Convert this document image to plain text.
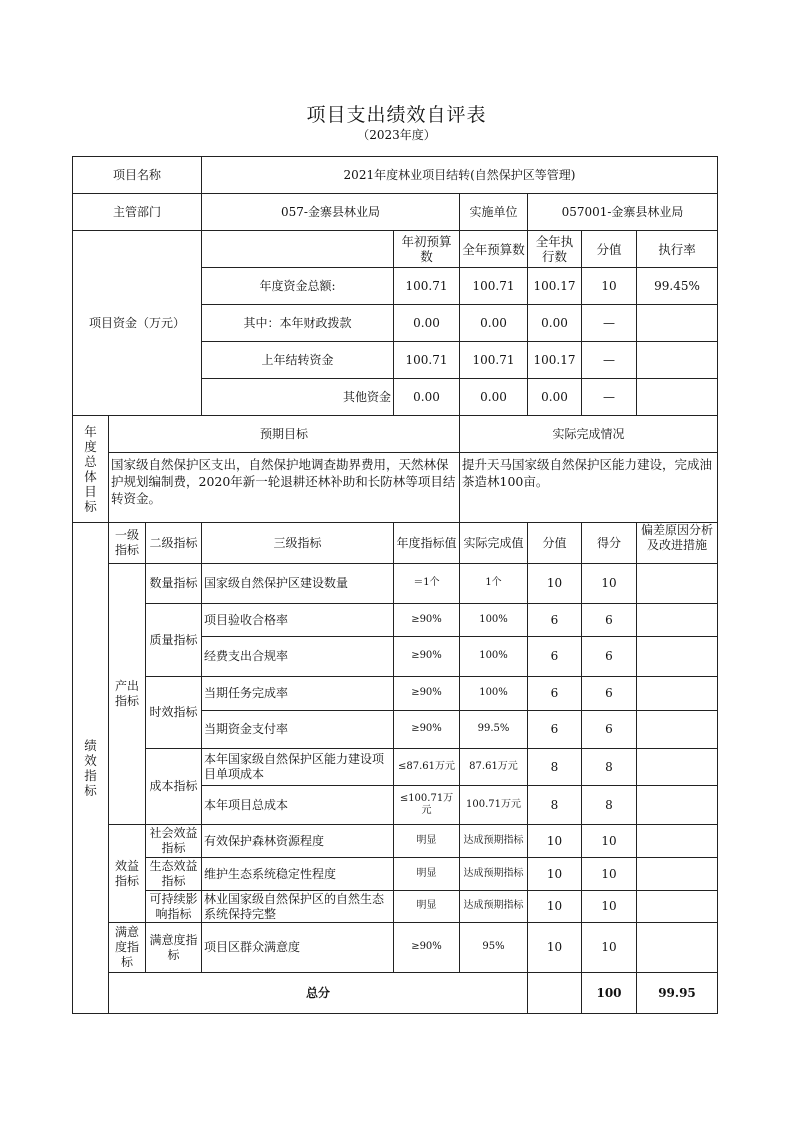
项目支出绩效自评表
（2023年度）
项目名称			2021年度林业项目结转(自然保护区等管理)						
主管部门			057-金寨县林业局		实施单位	057001-金寨县林业局			
项目资金（万元）				年初预算数	全年预算数	全年执行数	分值	执行率	
			年度资金总额:	100.71	100.71	100.17	10	99.45%	
			其中：本年财政拨款	0.00	0.00	0.00	—		
			上年结转资金	100.71	100.71	100.17	—		
			其他资金	0.00	0.00	0.00	—		
年度总体目标	预期目标				实际完成情况				
	国家级自然保护区支出，自然保护地调查勘界费用，天然林保护规划编制费，2020年新一轮退耕还林补助和长防林等项目结转资金。				提升天马国家级自然保护区能力建设，完成油茶造林100亩。				
绩效指标	一级指标	二级指标	三级指标	年度指标值	实际完成值	分值	得分	偏差原因分析及改进措施	
	产出指标	数量指标	国家级自然保护区建设数量	＝1个	1个	10	10		
		质量指标	项目验收合格率	≥90%	100%	6	6		
			经费支出合规率	≥90%	100%	6	6		
		时效指标	当期任务完成率	≥90%	100%	6	6		
			当期资金支付率	≥90%	99.5%	6	6		
		成本指标	本年国家级自然保护区能力建设项目单项成本	≤87.61万元	87.61万元	8	8		
			本年项目总成本	≤100.71万元	100.71万元	8	8		
	效益指标	社会效益指标	有效保护森林资源程度	明显	达成预期指标	10	10		
		生态效益指标	维护生态系统稳定性程度	明显	达成预期指标	10	10		
		可持续影响指标	林业国家级自然保护区的自然生态系统保持完整	明显	达成预期指标	10	10		
	满意度指标	满意度指标	项目区群众满意度	≥90%	95%	10	10		
	总分						100	99.95	
